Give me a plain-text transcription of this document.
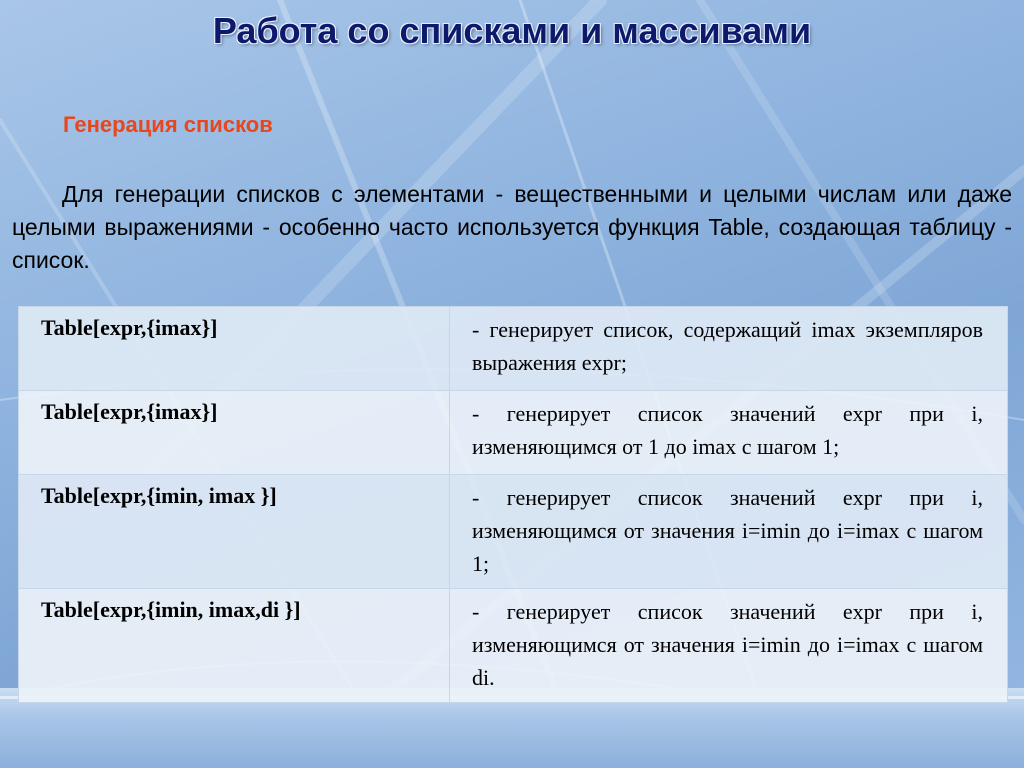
Работа со списками и массивами
Генерация списков

Для генерации списков с элементами - вещественными и целыми числам или даже целыми выражениями - особенно часто используется функция Table, создающая таблицу - список.

Table[expr,{imax}]	- генерирует список, содержащий imax экземпляров выражения expr;
Table[expr,{imax}]	- генерирует список значений expr при i, изменяющимся от 1 до imax с шагом 1;
Table[expr,{imin, imax }]	- генерирует список значений expr при i, изменяющимся от значения i=imin до i=imax с шагом 1;
Table[expr,{imin, imax,di }]	- генерирует список значений expr при i, изменяющимся от значения i=imin до i=imax с шагом di.
